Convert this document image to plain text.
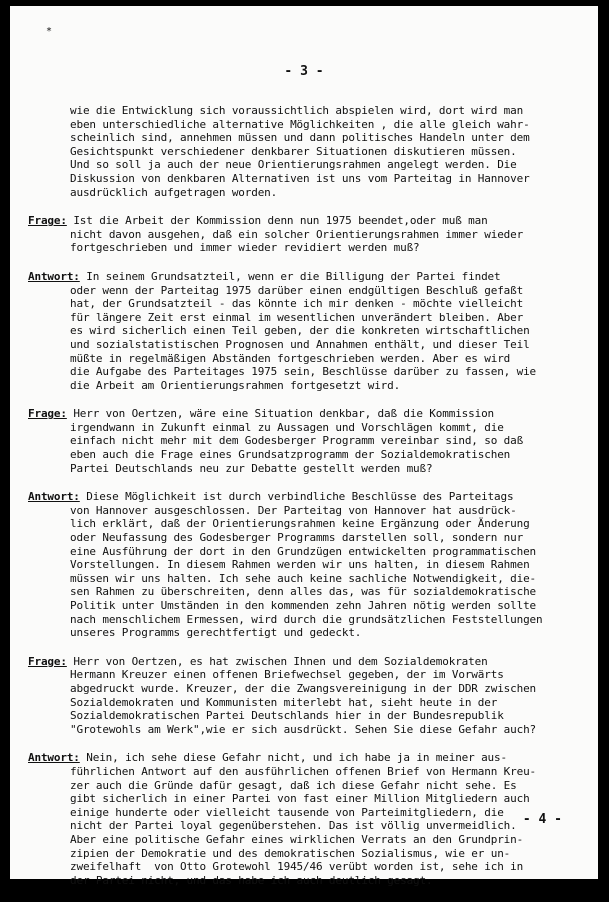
*
- 3 -
wie die Entwicklung sich voraussichtlich abspielen wird, dort wird man
eben unterschiedliche alternative Möglichkeiten , die alle gleich wahr-
scheinlich sind, annehmen müssen und dann politisches Handeln unter dem
Gesichtspunkt verschiedener denkbarer Situationen diskutieren müssen.
Und so soll ja auch der neue Orientierungsrahmen angelegt werden. Die
Diskussion von denkbaren Alternativen ist uns vom Parteitag in Hannover
ausdrücklich aufgetragen worden.
Frage: Ist die Arbeit der Kommission denn nun 1975 beendet,oder muß man
nicht davon ausgehen, daß ein solcher Orientierungsrahmen immer wieder
fortgeschrieben und immer wieder revidiert werden muß?
Antwort: In seinem Grundsatzteil, wenn er die Billigung der Partei findet
oder wenn der Parteitag 1975 darüber einen endgültigen Beschluß gefaßt
hat, der Grundsatzteil - das könnte ich mir denken - möchte vielleicht
für längere Zeit erst einmal im wesentlichen unverändert bleiben. Aber
es wird sicherlich einen Teil geben, der die konkreten wirtschaftlichen
und sozialstatistischen Prognosen und Annahmen enthält, und dieser Teil
müßte in regelmäßigen Abständen fortgeschrieben werden. Aber es wird
die Aufgabe des Parteitages 1975 sein, Beschlüsse darüber zu fassen, wie
die Arbeit am Orientierungsrahmen fortgesetzt wird.
Frage: Herr von Oertzen, wäre eine Situation denkbar, daß die Kommission
irgendwann in Zukunft einmal zu Aussagen und Vorschlägen kommt, die
einfach nicht mehr mit dem Godesberger Programm vereinbar sind, so daß
eben auch die Frage eines Grundsatzprogramm der Sozialdemokratischen
Partei Deutschlands neu zur Debatte gestellt werden muß?
Antwort: Diese Möglichkeit ist durch verbindliche Beschlüsse des Parteitags
von Hannover ausgeschlossen. Der Parteitag von Hannover hat ausdrück-
lich erklärt, daß der Orientierungsrahmen keine Ergänzung oder Änderung
oder Neufassung des Godesberger Programms darstellen soll, sondern nur
eine Ausführung der dort in den Grundzügen entwickelten programmatischen
Vorstellungen. In diesem Rahmen werden wir uns halten, in diesem Rahmen
müssen wir uns halten. Ich sehe auch keine sachliche Notwendigkeit, die-
sen Rahmen zu überschreiten, denn alles das, was für sozialdemokratische
Politik unter Umständen in den kommenden zehn Jahren nötig werden sollte
nach menschlichem Ermessen, wird durch die grundsätzlichen Feststellungen
unseres Programms gerechtfertigt und gedeckt.
Frage: Herr von Oertzen, es hat zwischen Ihnen und dem Sozialdemokraten
Hermann Kreuzer einen offenen Briefwechsel gegeben, der im Vorwärts
abgedruckt wurde. Kreuzer, der die Zwangsvereinigung in der DDR zwischen
Sozialdemokraten und Kommunisten miterlebt hat, sieht heute in der
Sozialdemokratischen Partei Deutschlands hier in der Bundesrepublik
"Grotewohls am Werk",wie er sich ausdrückt. Sehen Sie diese Gefahr auch?
Antwort: Nein, ich sehe diese Gefahr nicht, und ich habe ja in meiner aus-
führlichen Antwort auf den ausführlichen offenen Brief von Hermann Kreu-
zer auch die Gründe dafür gesagt, daß ich diese Gefahr nicht sehe. Es
gibt sicherlich in einer Partei von fast einer Million Mitgliedern auch
einige hunderte oder vielleicht tausende von Parteimitgliedern, die
nicht der Partei loyal gegenüberstehen. Das ist völlig unvermeidlich.
Aber eine politische Gefahr eines wirklichen Verrats an den Grundprin-
zipien der Demokratie und des demokratischen Sozialismus, wie er un-
zweifelhaft  von Otto Grotewohl 1945/46 verübt worden ist, sehe ich in
der Partei nicht, und das habe ich auch deutlich gesagt.
- 4 -
